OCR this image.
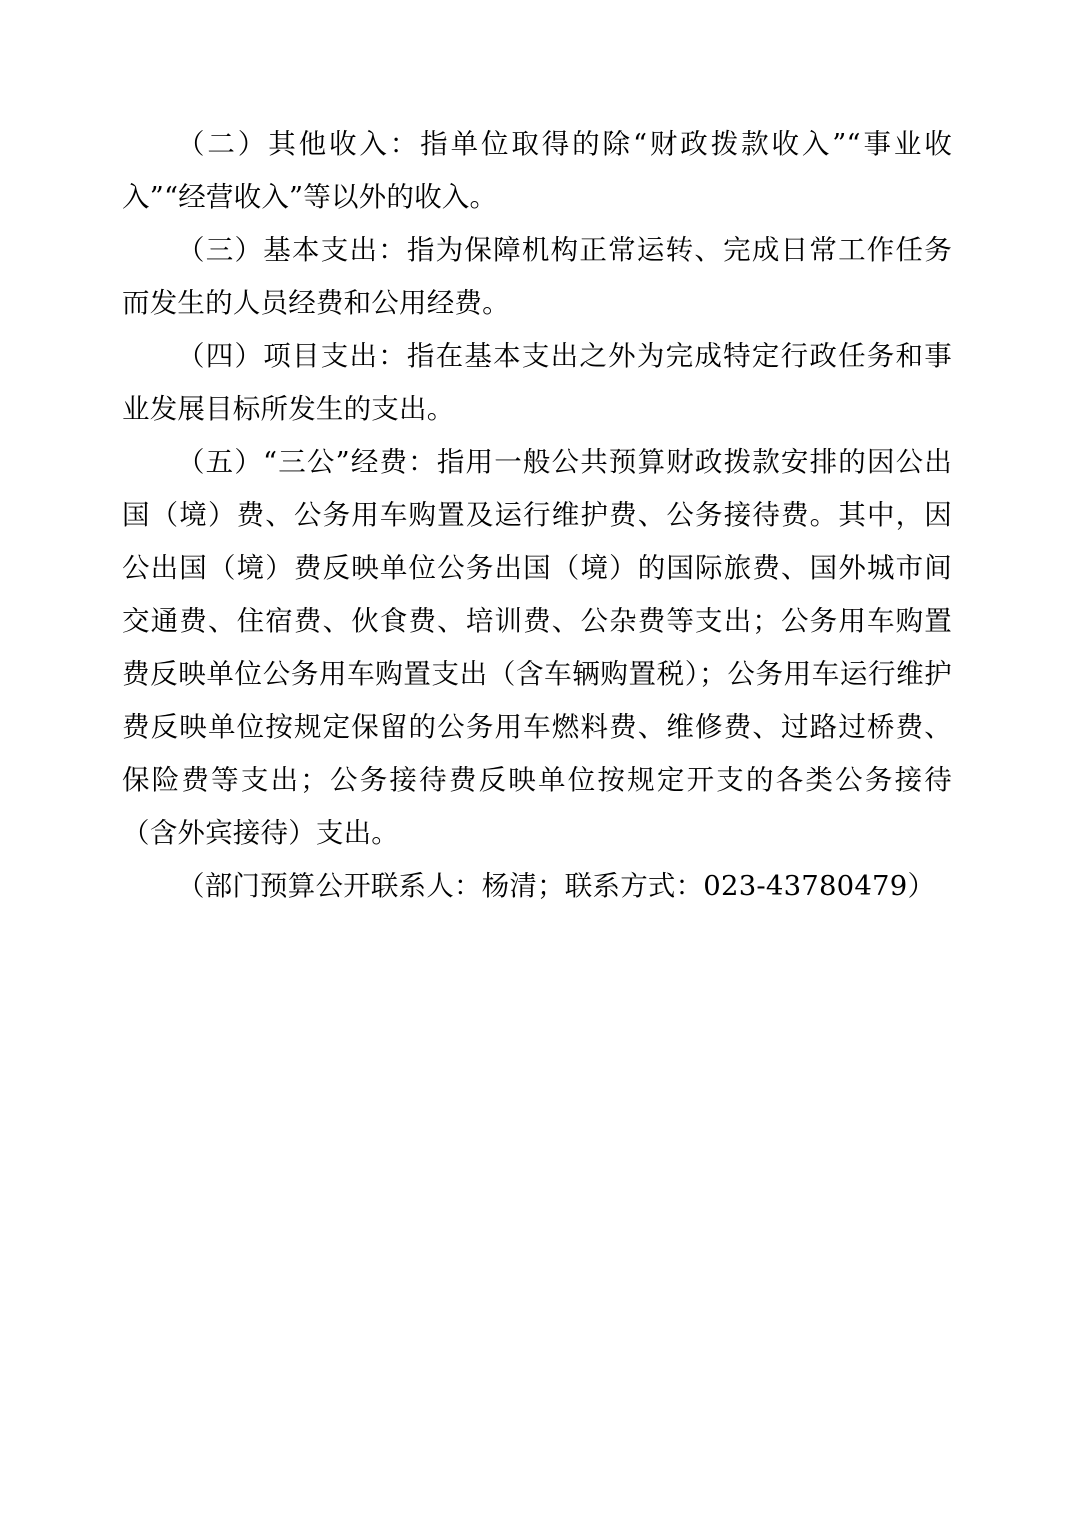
（二）其他收入：指单位取得的除“财政拨款收入”“事业收入”“经营收入”等以外的收入。

（三）基本支出：指为保障机构正常运转、完成日常工作任务而发生的人员经费和公用经费。

（四）项目支出：指在基本支出之外为完成特定行政任务和事业发展目标所发生的支出。

（五）“三公”经费：指用一般公共预算财政拨款安排的因公出国（境）费、公务用车购置及运行维护费、公务接待费。其中，因公出国（境）费反映单位公务出国（境）的国际旅费、国外城市间交通费、住宿费、伙食费、培训费、公杂费等支出；公务用车购置费反映单位公务用车购置支出（含车辆购置税）；公务用车运行维护费反映单位按规定保留的公务用车燃料费、维修费、过路过桥费、保险费等支出；公务接待费反映单位按规定开支的各类公务接待（含外宾接待）支出。

（部门预算公开联系人：杨清；联系方式：023-43780479）
